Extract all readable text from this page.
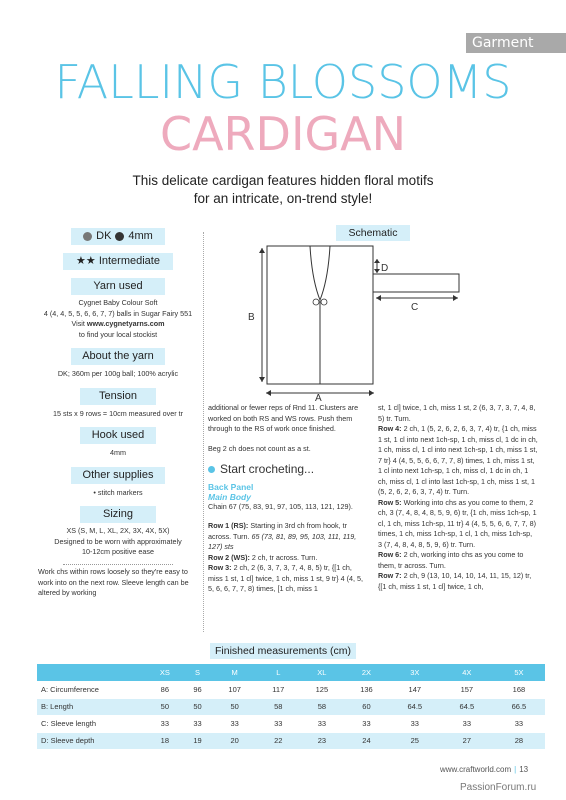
Garment
FALLING BLOSSOMS
CARDIGAN
This delicate cardigan features hidden floral motifs
for an intricate, on-trend style!
DK 4mm
★★ Intermediate
Yarn used
Cygnet Baby Colour Soft
4 (4, 4, 5, 5, 6, 6, 7, 7) balls in Sugar Fairy 551
Visit www.cygnetyarns.com
to find your local stockist
About the yarn
DK; 360m per 100g ball; 100% acrylic
Tension
15 sts x 9 rows = 10cm measured over tr
Hook used
4mm
Other supplies
• stitch markers
Sizing
XS (S, M, L, XL, 2X, 3X, 4X, 5X)
Designed to be worn with approximately
10-12cm positive ease
Work chs within rows loosely so they're easy to work into on the next row. Sleeve length can be altered by working
Schematic
A
B
C
D

additional or fewer reps of Rnd 11. Clusters are worked on both RS and WS rows. Push them through to the RS of work once finished.

Beg 2 ch does not count as a st.

Start crocheting...
Back Panel
Main Body

Chain 67 (75, 83, 91, 97, 105, 113, 121, 129).

Row 1 (RS): Starting in 3rd ch from hook, tr across. Turn. 65 (73, 81, 89, 95, 103, 111, 119, 127) sts

Row 2 (WS): 2 ch, tr across. Turn.

Row 3: 2 ch, 2 (6, 3, 7, 3, 7, 4, 8, 5) tr, {[1 ch, miss 1 st, 1 cl] twice, 1 ch, miss 1 st, 9 tr} 4 (4, 5, 5, 6, 6, 7, 7, 8) times, [1 ch, miss 1

st, 1 cl] twice, 1 ch, miss 1 st, 2 (6, 3, 7, 3, 7, 4, 8, 5) tr. Turn.

Row 4: 2 ch, 1 (5, 2, 6, 2, 6, 3, 7, 4) tr, {1 ch, miss 1 st, 1 cl into next 1ch-sp, 1 ch, miss cl, 1 dc in ch, 1 ch, miss cl, 1 cl into next 1ch-sp, 1 ch, miss 1 st, 7 tr} 4 (4, 5, 5, 6, 6, 7, 7, 8) times, 1 ch, miss 1 st, 1 cl into next 1ch-sp, 1 ch, miss cl, 1 dc in ch, 1 ch, miss cl, 1 cl into last 1ch-sp, 1 ch, miss 1 st, 1 (5, 2, 6, 2, 6, 3, 7, 4) tr. Turn.

Row 5: Working into chs as you come to them, 2 ch, 3 (7, 4, 8, 4, 8, 5, 9, 6) tr, {1 ch, miss 1ch-sp, 1 cl, 1 ch, miss 1ch-sp, 11 tr} 4 (4, 5, 5, 6, 6, 7, 7, 8) times, 1 ch, miss 1ch-sp, 1 cl, 1 ch, miss 1ch-sp, 3 (7, 4, 8, 4, 8, 5, 9, 6) tr. Turn.

Row 6: 2 ch, working into chs as you come to them, tr across. Turn.

Row 7: 2 ch, 9 (13, 10, 14, 10, 14, 11, 15, 12) tr, {[1 ch, miss 1 st, 1 cl] twice, 1 ch,

Finished measurements (cm)
	XS	S	M	L	XL	2X	3X	4X	5X
A: Circumference	86	96	107	117	125	136	147	157	168
B: Length	50	50	50	58	58	60	64.5	64.5	66.5
C: Sleeve length	33	33	33	33	33	33	33	33	33
D: Sleeve depth	18	19	20	22	23	24	25	27	28
www.craftworld.com | 13
PassionForum.ru
